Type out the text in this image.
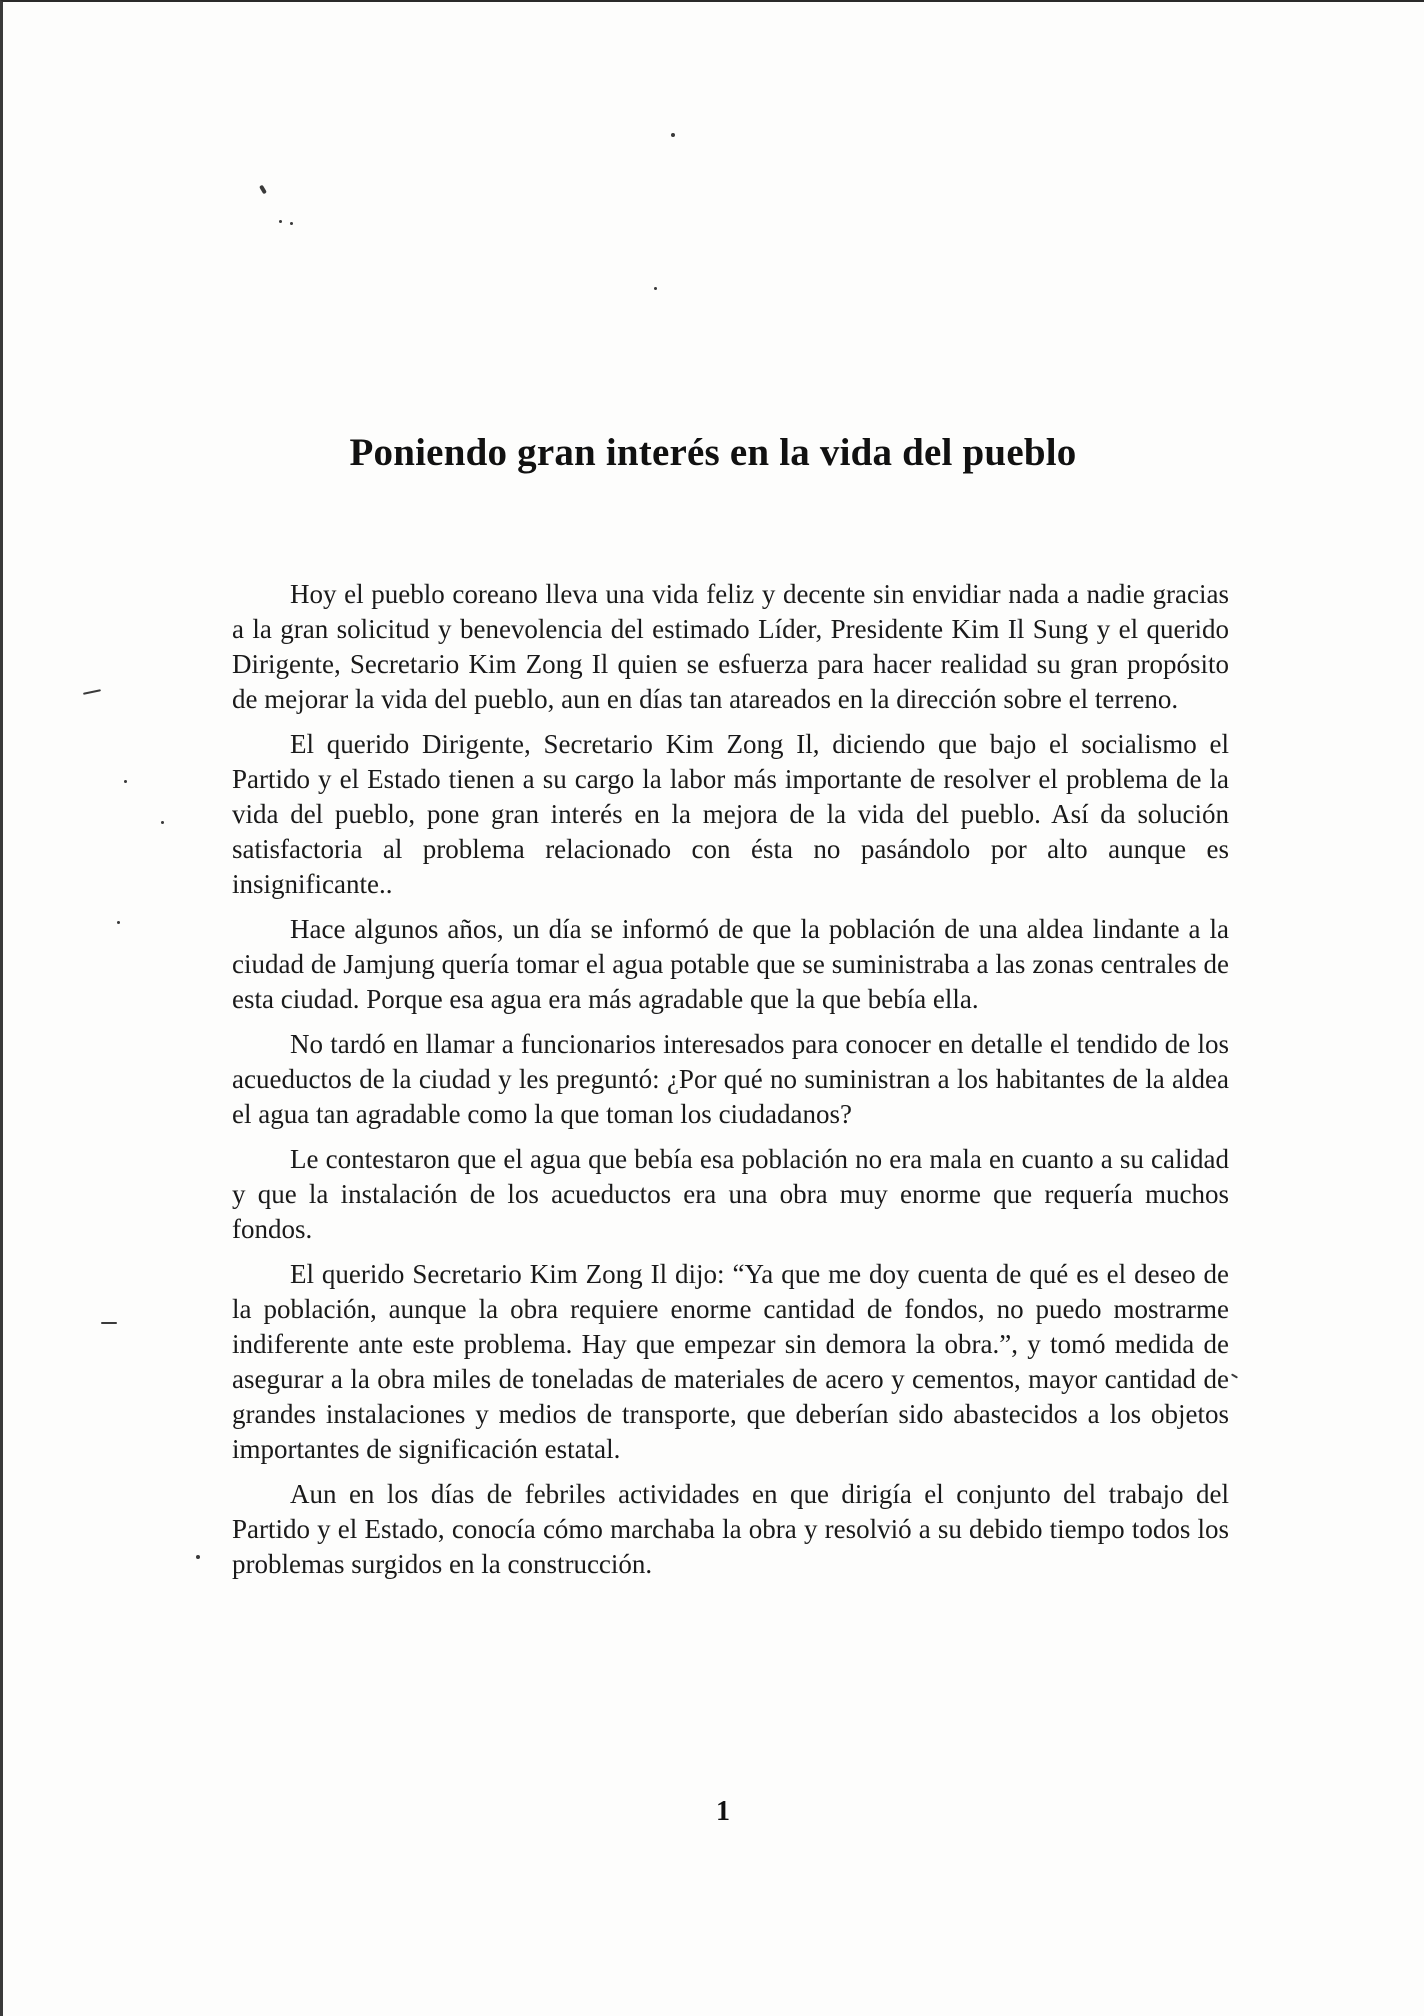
Poniendo gran interés en la vida del pueblo

Hoy el pueblo coreano lleva una vida feliz y decente sin envidiar nada a nadie gracias a la gran solicitud y benevolencia del estimado Líder, Presidente Kim Il Sung y el querido Dirigente, Secretario Kim Zong Il quien se esfuerza para hacer realidad su gran propósito de mejorar la vida del pueblo, aun en días tan atareados en la dirección sobre el terreno.

El querido Dirigente, Secretario Kim Zong Il, diciendo que bajo el socialismo el Partido y el Estado tienen a su cargo la labor más importante de resolver el problema de la vida del pueblo, pone gran interés en la mejora de la vida del pueblo. Así da solución satisfactoria al problema relacionado con ésta no pasándolo por alto aunque es insignificante..

Hace algunos años, un día se informó de que la población de una aldea lindante a la ciudad de Jamjung quería tomar el agua potable que se suministraba a las zonas centrales de esta ciudad. Porque esa agua era más agradable que la que bebía ella.

No tardó en llamar a funcionarios interesados para conocer en detalle el tendido de los acueductos de la ciudad y les preguntó: ¿Por qué no suministran a los habitantes de la aldea el agua tan agradable como la que toman los ciudadanos?

Le contestaron que el agua que bebía esa población no era mala en cuanto a su calidad y que la instalación de los acueductos era una obra muy enorme que requería muchos fondos.

El querido Secretario Kim Zong Il dijo: “Ya que me doy cuenta de qué es el deseo de la población, aunque la obra requiere enorme cantidad de fondos, no puedo mostrarme indiferente ante este problema. Hay que empezar sin demora la obra.”, y tomó medida de asegurar a la obra miles de toneladas de materiales de acero y cementos, mayor cantidad de grandes instalaciones y medios de transporte, que deberían sido abastecidos a los objetos importantes de significación estatal.

Aun en los días de febriles actividades en que dirigía el conjunto del trabajo del Partido y el Estado, conocía cómo marchaba la obra y resolvió a su debido tiempo todos los problemas surgidos en la construcción.

1
